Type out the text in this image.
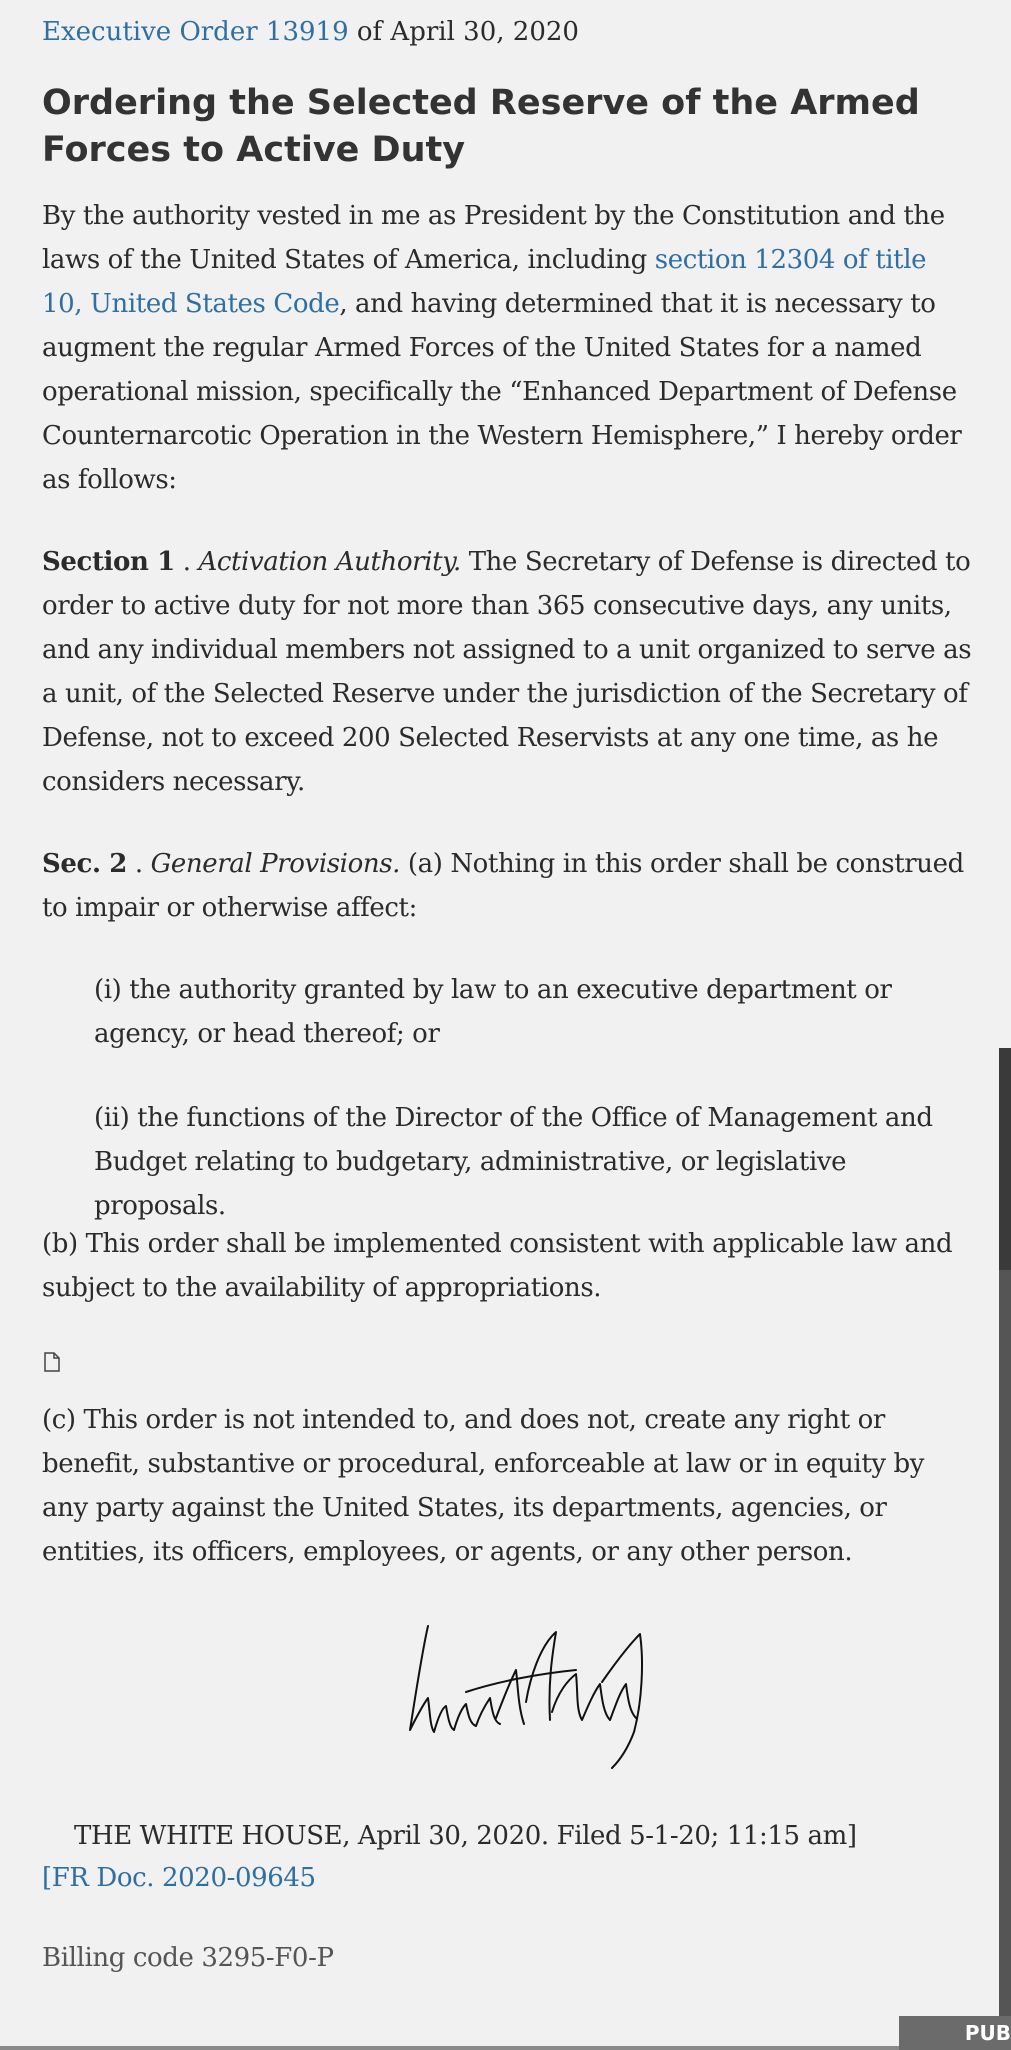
Executive Order 13919 of April 30, 2020
Ordering the Selected Reserve of the Armed Forces to Active Duty

By the authority vested in me as President by the Constitution and the laws of the United States of America, including section 12304 of title 10, United States Code, and having determined that it is necessary to augment the regular Armed Forces of the United States for a named operational mission, specifically the “Enhanced Department of Defense Counternarcotic Operation in the Western Hemisphere,” I hereby order as follows:

Section 1 . Activation Authority. The Secretary of Defense is directed to order to active duty for not more than 365 consecutive days, any units, and any individual members not assigned to a unit organized to serve as a unit, of the Selected Reserve under the jurisdiction of the Secretary of Defense, not to exceed 200 Selected Reservists at any one time, as he considers necessary.

Sec. 2 . General Provisions. (a) Nothing in this order shall be construed to impair or otherwise affect:

(i) the authority granted by law to an executive department or agency, or head thereof; or

(ii) the functions of the Director of the Office of Management and Budget relating to budgetary, administrative, or legislative proposals.

(b) This order shall be implemented consistent with applicable law and subject to the availability of appropriations.

(c) This order is not intended to, and does not, create any right or benefit, substantive or procedural, enforceable at law or in equity by any party against the United States, its departments, agencies, or entities, its officers, employees, or agents, or any other person.

THE WHITE HOUSE, April 30, 2020. Filed 5-1-20; 11:15 am]

[FR Doc. 2020-09645

Billing code 3295-F0-P

PUB
